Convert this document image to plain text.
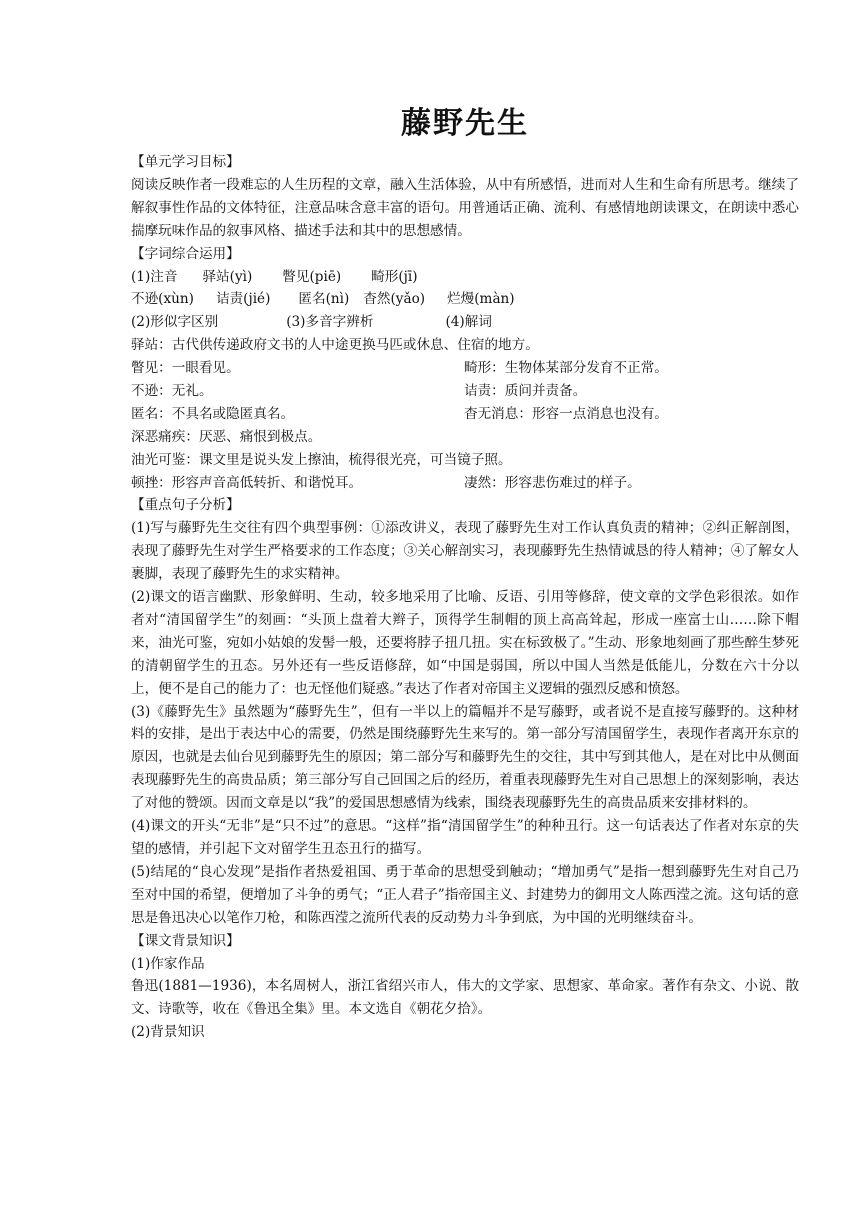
藤野先生
【单元学习目标】
阅读反映作者一段难忘的人生历程的文章，融入生活体验，从中有所感悟，进而对人生和生命有所思考。继续了解叙事性作品的文体特征，注意品味含意丰富的语句。用普通话正确、流利、有感情地朗读课文，在朗读中悉心揣摩玩味作品的叙事风格、描述手法和其中的思想感情。
【字词综合运用】
(1)注音 驿站(yì) 瞥见(piē) 畸形(jī)
不逊(xùn) 诘责(jié) 匿名(nì) 杳然(yǎo) 烂熳(màn)
(2)形似字区别	(3)多音字辨析	(4)解词
驿站：古代供传递政府文书的人中途更换马匹或休息、住宿的地方。
瞥见：一眼看见。	畸形：生物体某部分发育不正常。
不逊：无礼。	诘责：质问并责备。
匿名：不具名或隐匿真名。	杳无消息：形容一点消息也没有。
深恶痛疾：厌恶、痛恨到极点。
油光可鉴：课文里是说头发上擦油，梳得很光亮，可当镜子照。
顿挫：形容声音高低转折、和谐悦耳。	凄然：形容悲伤难过的样子。
【重点句子分析】
(1)写与藤野先生交往有四个典型事例：①添改讲义，表现了藤野先生对工作认真负责的精神；②纠正解剖图，表现了藤野先生对学生严格要求的工作态度；③关心解剖实习，表现藤野先生热情诚恳的待人精神；④了解女人裹脚，表现了藤野先生的求实精神。
(2)课文的语言幽默、形象鲜明、生动，较多地采用了比喻、反语、引用等修辞，使文章的文学色彩很浓。如作者对“清国留学生”的刻画：“头顶上盘着大辫子，顶得学生制帽的顶上高高耸起，形成一座富士山……除下帽来，油光可鉴，宛如小姑娘的发髻一般，还要将脖子扭几扭。实在标致极了。”生动、形象地刻画了那些醉生梦死的清朝留学生的丑态。另外还有一些反语修辞，如“中国是弱国，所以中国人当然是低能儿，分数在六十分以上，便不是自己的能力了：也无怪他们疑惑。”表达了作者对帝国主义逻辑的强烈反感和愤怒。
(3)《藤野先生》虽然题为“藤野先生”，但有一半以上的篇幅并不是写藤野，或者说不是直接写藤野的。这种材料的安排，是出于表达中心的需要，仍然是围绕藤野先生来写的。第一部分写清国留学生，表现作者离开东京的原因，也就是去仙台见到藤野先生的原因；第二部分写和藤野先生的交往，其中写到其他人，是在对比中从侧面表现藤野先生的高贵品质；第三部分写自己回国之后的经历，着重表现藤野先生对自己思想上的深刻影响，表达了对他的赞颂。因而文章是以“我”的爱国思想感情为线索，围绕表现藤野先生的高贵品质来安排材料的。
(4)课文的开头“无非”是“只不过”的意思。“这样”指“清国留学生”的种种丑行。这一句话表达了作者对东京的失望的感情，并引起下文对留学生丑态丑行的描写。
(5)结尾的“良心发现”是指作者热爱祖国、勇于革命的思想受到触动；“增加勇气”是指一想到藤野先生对自己乃至对中国的希望，便增加了斗争的勇气；“正人君子”指帝国主义、封建势力的御用文人陈西滢之流。这句话的意思是鲁迅决心以笔作刀枪，和陈西滢之流所代表的反动势力斗争到底，为中国的光明继续奋斗。
【课文背景知识】
(1)作家作品
鲁迅(1881—1936)，本名周树人，浙江省绍兴市人，伟大的文学家、思想家、革命家。著作有杂文、小说、散文、诗歌等，收在《鲁迅全集》里。本文选自《朝花夕拾》。
(2)背景知识
